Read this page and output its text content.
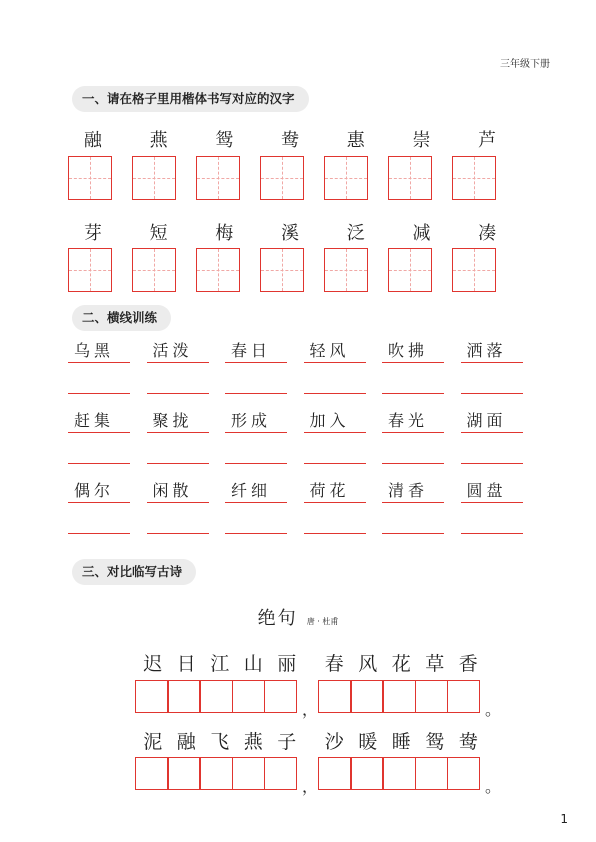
三年级下册
一、请在格子里用楷体书写对应的汉字
融	燕	鸳	鸯	惠	崇	芦
芽	短	梅	溪	泛	减	凑
二、横线训练
乌黑	活泼	春日	轻风	吹拂	洒落
赶集	聚拢	形成	加入	春光	湖面
偶尔	闲散	纤细	荷花	清香	圆盘
三、对比临写古诗
绝句 唐 · 杜甫
迟 日 江 山 丽 春 风 花 草 香
，	。
泥 融 飞 燕 子 沙 暖 睡 鸳 鸯
，	。
1
